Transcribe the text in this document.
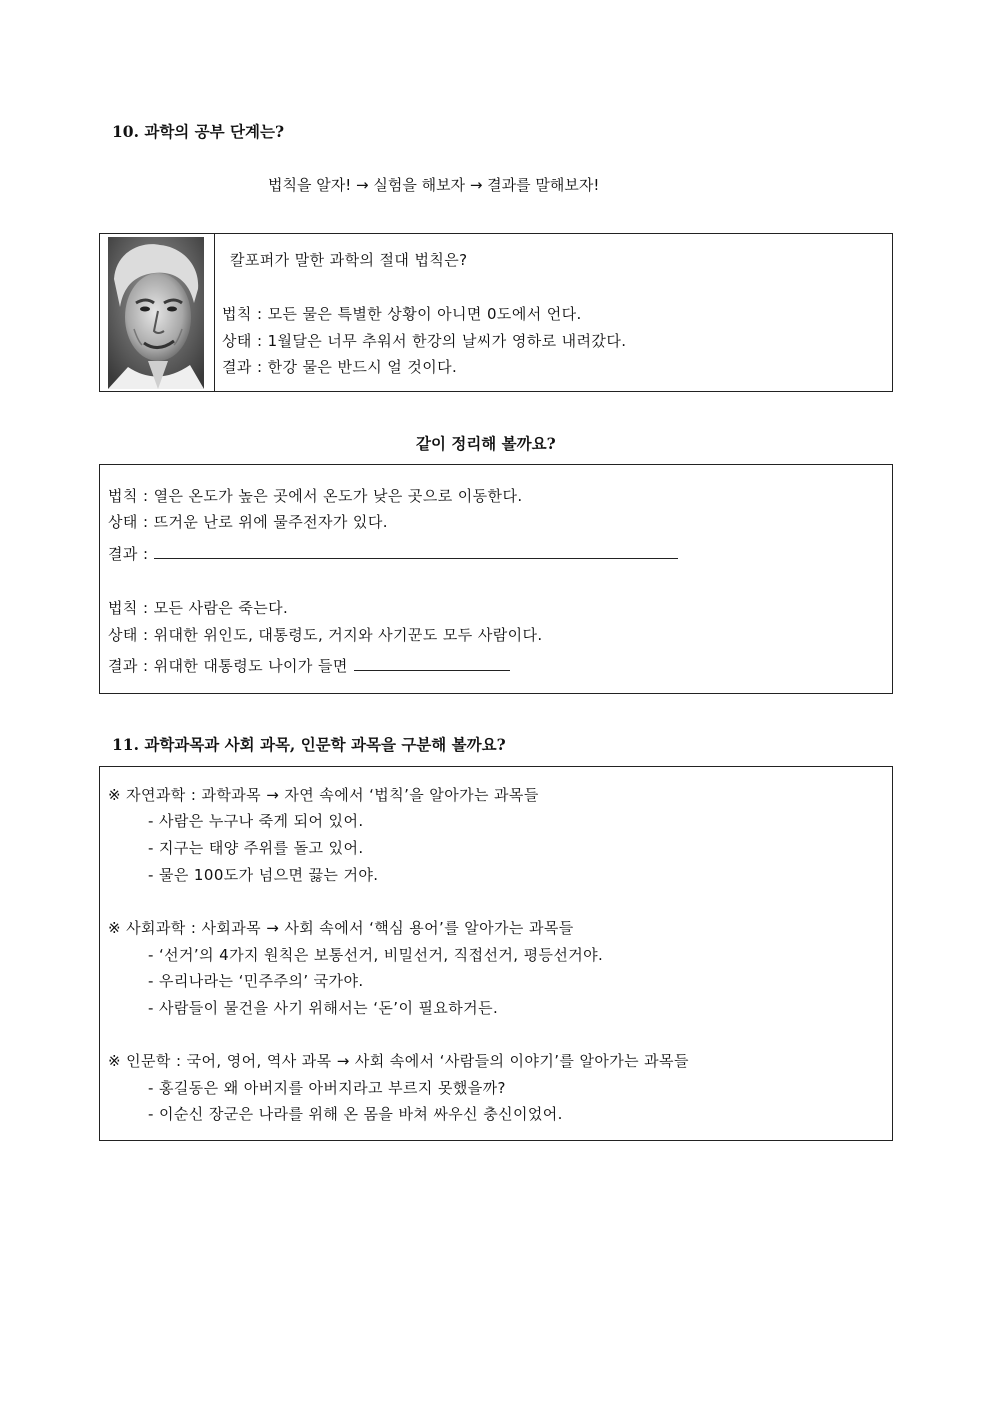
10. 과학의 공부 단계는?
법칙을 알자! → 실험을 해보자 → 결과를 말해보자!
칼포퍼가 말한 과학의 절대 법칙은?
법칙 : 모든 물은 특별한 상황이 아니면 0도에서 언다.
상태 : 1월달은 너무 추워서 한강의 날씨가 영하로 내려갔다.
결과 : 한강 물은 반드시 얼 것이다.
같이 정리해 볼까요?
법칙 : 열은 온도가 높은 곳에서 온도가 낮은 곳으로 이동한다.
상태 : 뜨거운 난로 위에 물주전자가 있다.
결과 :
법칙 : 모든 사람은 죽는다.
상태 : 위대한 위인도, 대통령도, 거지와 사기꾼도 모두 사람이다.
결과 : 위대한 대통령도 나이가 들면
11. 과학과목과 사회 과목, 인문학 과목을 구분해 볼까요?
※ 자연과학 : 과학과목 → 자연 속에서 ‘법칙’을 알아가는 과목들
- 사람은 누구나 죽게 되어 있어.
- 지구는 태양 주위를 돌고 있어.
- 물은 100도가 넘으면 끓는 거야.
※ 사회과학 : 사회과목 → 사회 속에서 ‘핵심 용어’를 알아가는 과목들
- ‘선거’의 4가지 원칙은 보통선거, 비밀선거, 직접선거, 평등선거야.
- 우리나라는 ‘민주주의’ 국가야.
- 사람들이 물건을 사기 위해서는 ‘돈’이 필요하거든.
※ 인문학 : 국어, 영어, 역사 과목 → 사회 속에서 ‘사람들의 이야기’를 알아가는 과목들
- 홍길동은 왜 아버지를 아버지라고 부르지 못했을까?
- 이순신 장군은 나라를 위해 온 몸을 바쳐 싸우신 충신이었어.
